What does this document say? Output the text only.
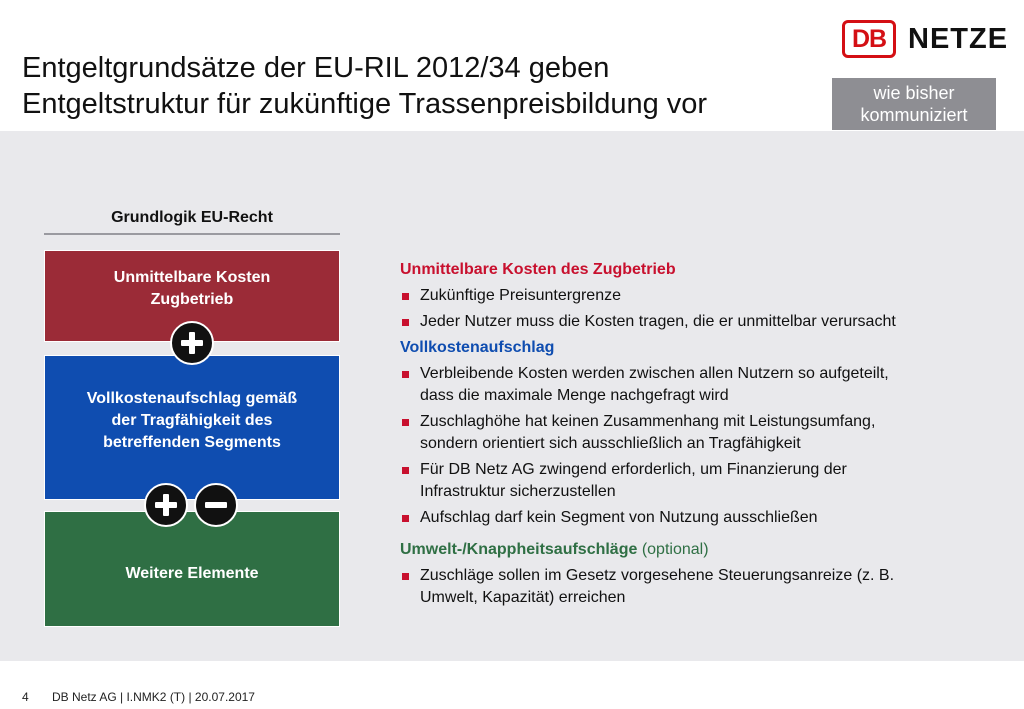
Entgeltgrundsätze der EU-RIL 2012/34 geben
Entgeltstruktur für zukünftige Trassenpreisbildung vor
DB NETZE
wie bisher
kommuniziert
Grundlogik EU-Recht
Unmittelbare Kosten
Zugbetrieb
Vollkostenaufschlag gemäß
der Tragfähigkeit des
betreffenden Segments
Weitere Elemente

Unmittelbare Kosten des Zugbetrieb

Zukünftige Preisuntergrenze
Jeder Nutzer muss die Kosten tragen, die er unmittelbar verursacht

Vollkostenaufschlag

Verbleibende Kosten werden zwischen allen Nutzern so aufgeteilt,
dass die maximale Menge nachgefragt wird
Zuschlaghöhe hat keinen Zusammenhang mit Leistungsumfang,
sondern orientiert sich ausschließlich an Tragfähigkeit
Für DB Netz AG zwingend erforderlich, um Finanzierung der
Infrastruktur sicherzustellen
Aufschlag darf kein Segment von Nutzung ausschließen

Umwelt-/Knappheitsaufschläge (optional)

Zuschläge sollen im Gesetz vorgesehene Steuerungsanreize (z. B.
Umwelt, Kapazität) erreichen
4 DB Netz AG | I.NMK2 (T) | 20.07.2017
